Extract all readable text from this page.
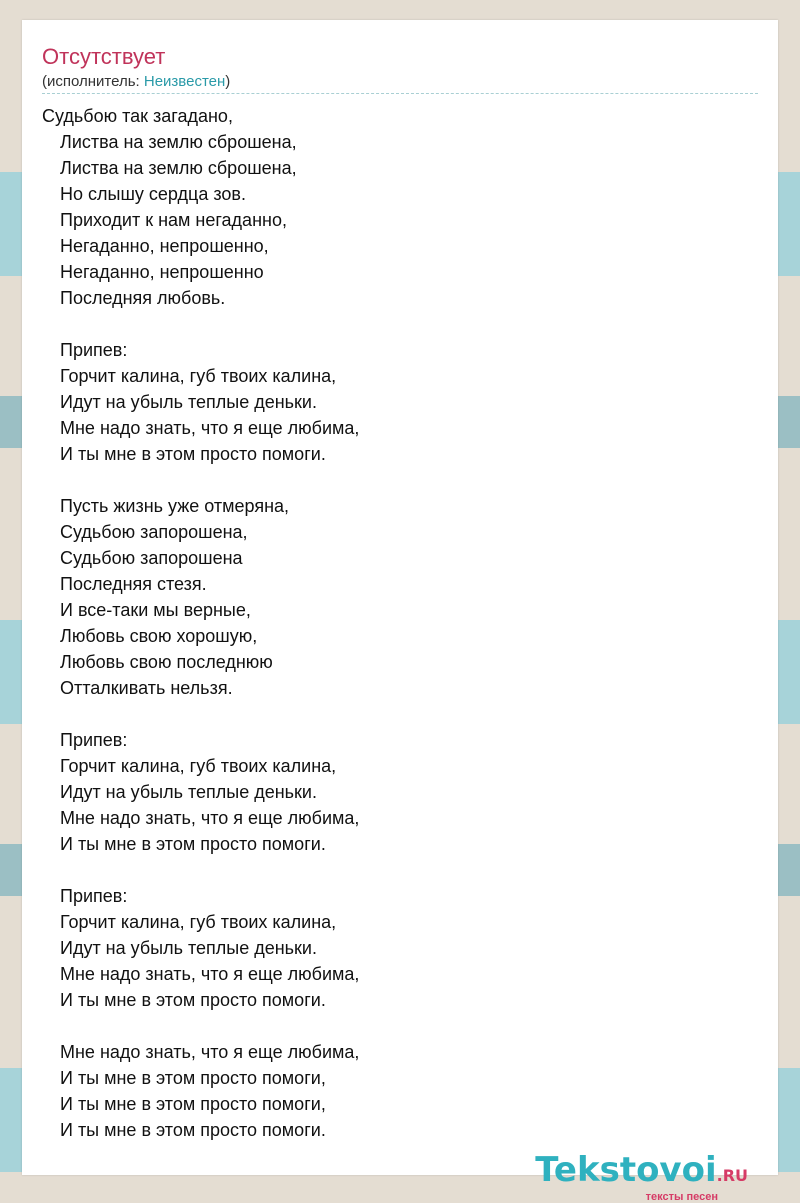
Отсутствует
(исполнитель: Неизвестен)
Судьбою так загадано,
Листва на землю сброшена,
Листва на землю сброшена,
Но слышу сердца зов.
Приходит к нам негаданно,
Негаданно, непрошенно,
Негаданно, непрошенно
Последняя любовь.
Припев:
Горчит калина, губ твоих калина,
Идут на убыль теплые деньки.
Мне надо знать, что я еще любима,
И ты мне в этом просто помоги.
Пусть жизнь уже отмеряна,
Судьбою запорошена,
Судьбою запорошена
Последняя стезя.
И все-таки мы верные,
Любовь свою хорошую,
Любовь свою последнюю
Отталкивать нельзя.
Припев:
Горчит калина, губ твоих калина,
Идут на убыль теплые деньки.
Мне надо знать, что я еще любима,
И ты мне в этом просто помоги.
Припев:
Горчит калина, губ твоих калина,
Идут на убыль теплые деньки.
Мне надо знать, что я еще любима,
И ты мне в этом просто помоги.
Мне надо знать, что я еще любима,
И ты мне в этом просто помоги,
И ты мне в этом просто помоги,
И ты мне в этом просто помоги.
Tekstovoi.RU
тексты песен
